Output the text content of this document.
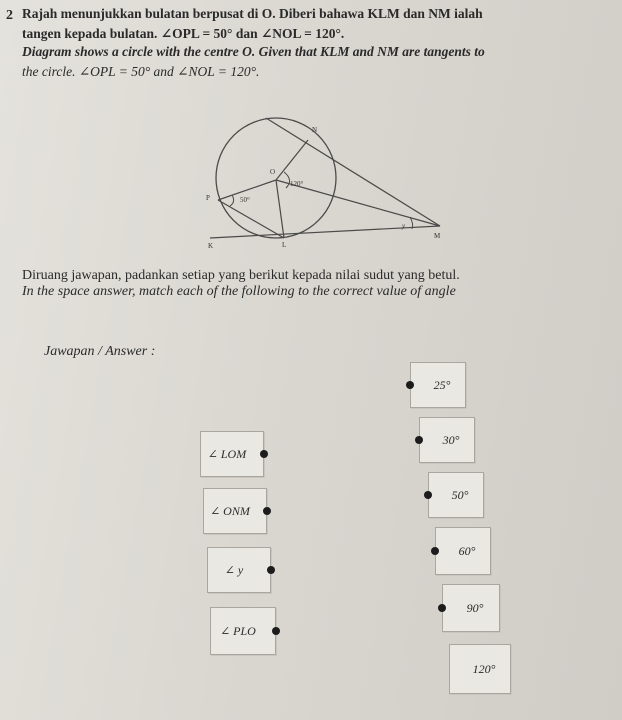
2 Rajah menunjukkan bulatan berpusat di O. Diberi bahawa KLM dan NM ialah
tangen kepada bulatan. ∠OPL = 50° dan ∠NOL = 120°.
Diagram shows a circle with the centre O. Given that KLM and NM are tangents to
the circle. ∠OPL = 50° and ∠NOL = 120°.
N
O
P
K	L
M
120°
50°
y
Diruang jawapan, padankan setiap yang berikut kepada nilai sudut yang betul.
In the space answer, match each of the following to the correct value of angle
Jawapan / Answer :
∠ LOM
∠ ONM
∠ y
∠ PLO
25°
30°
50°
60°
90°
120°
